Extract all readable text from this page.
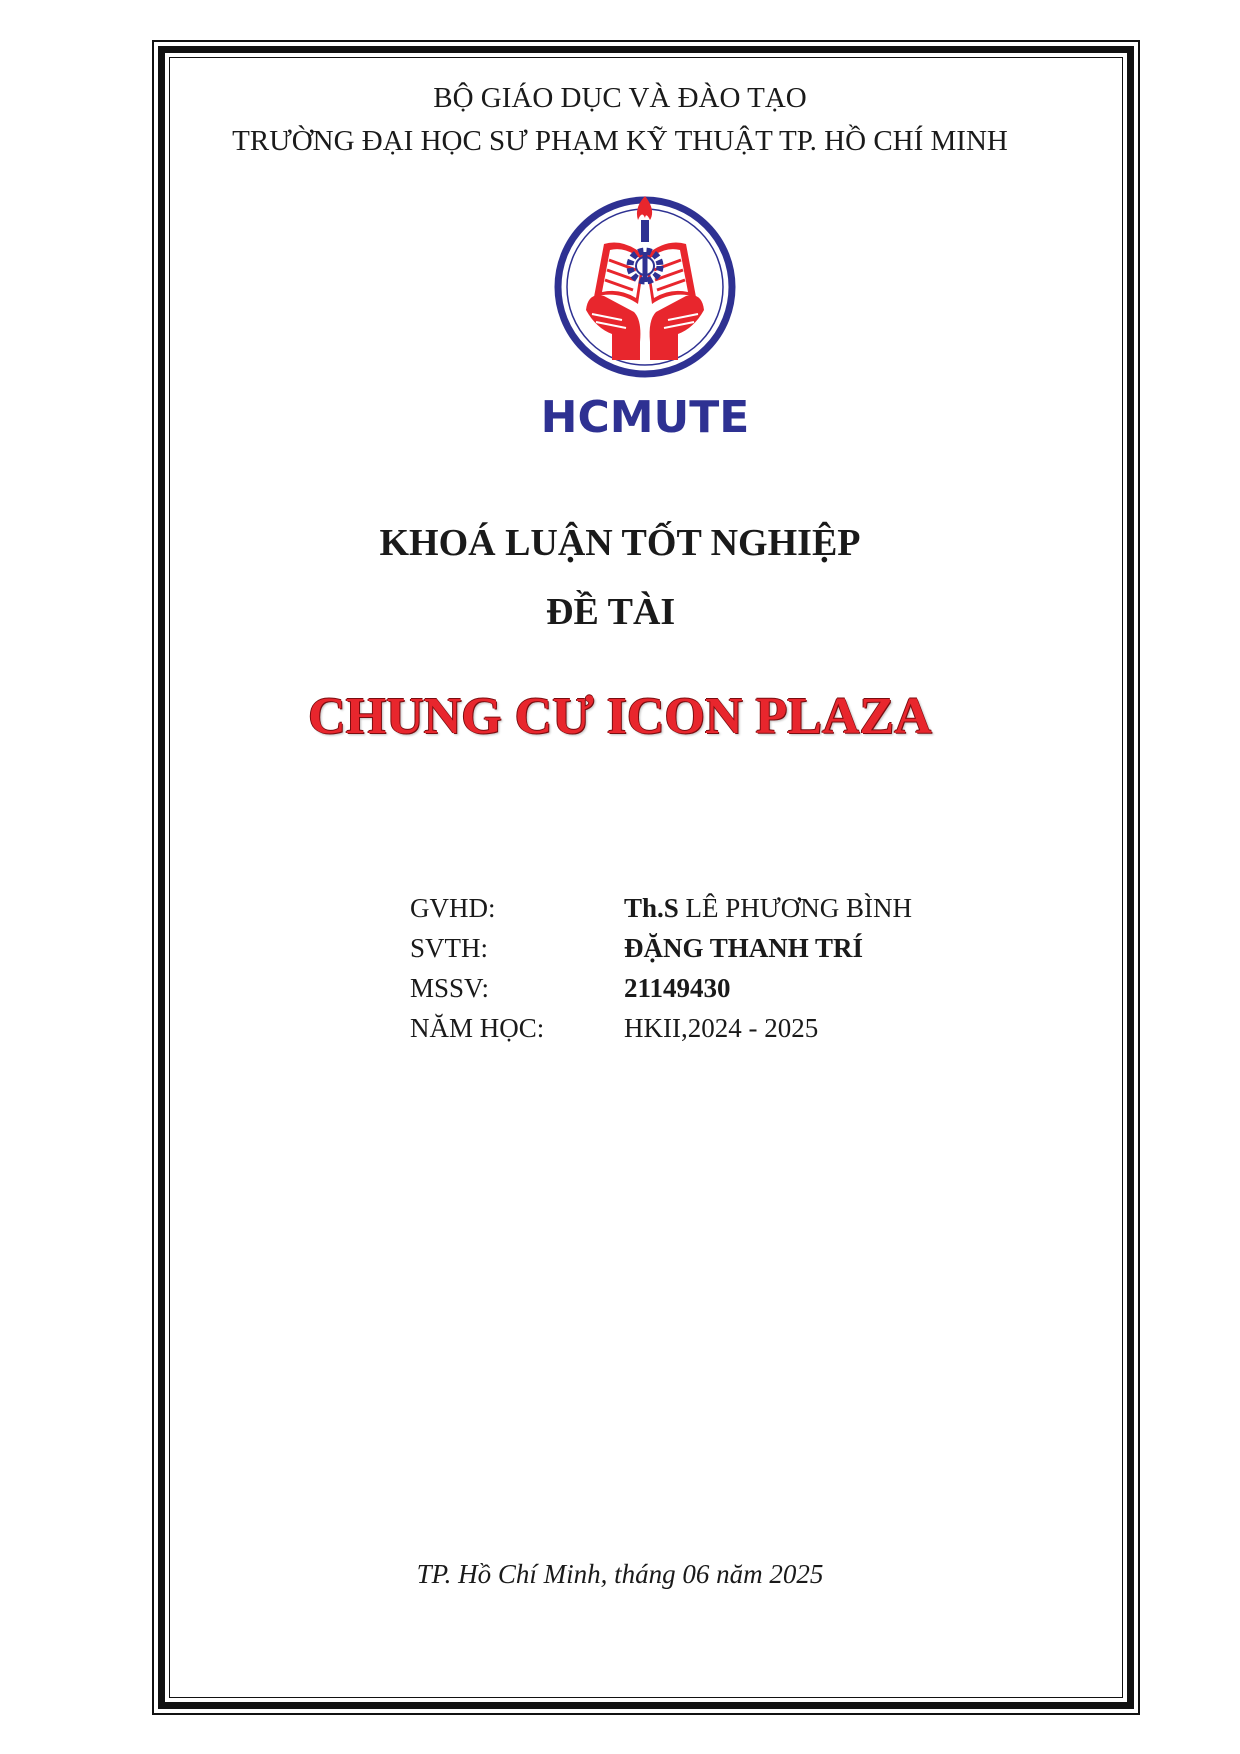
BỘ GIÁO DỤC VÀ ĐÀO TẠO
TRƯỜNG ĐẠI HỌC SƯ PHẠM KỸ THUẬT TP. HỒ CHÍ MINH
HCMUTE
KHOÁ LUẬN TỐT NGHIỆP
ĐỀ TÀI
CHUNG CƯ ICON PLAZA
GVHD:	Th.S LÊ PHƯƠNG BÌNH
SVTH:	ĐẶNG THANH TRÍ
MSSV:	21149430
NĂM HỌC:	HKII,2024 - 2025
TP. Hồ Chí Minh, tháng 06 năm 2025
